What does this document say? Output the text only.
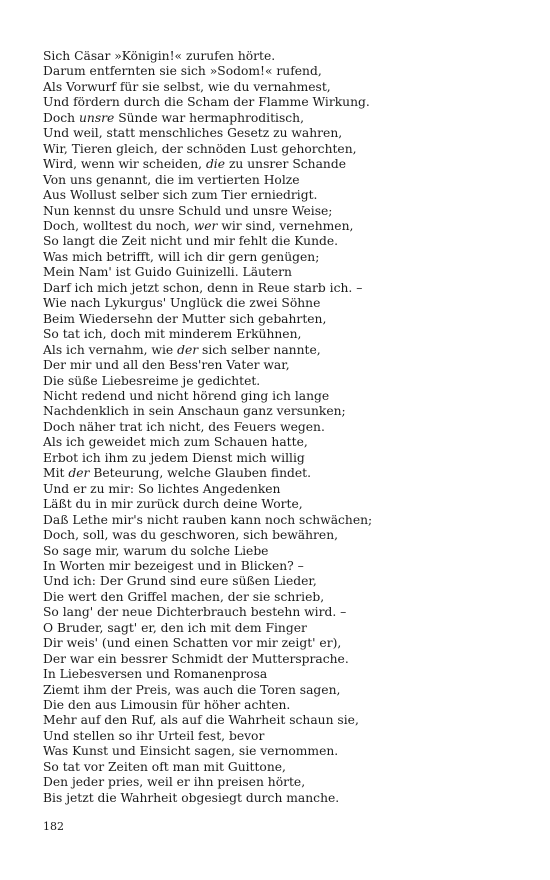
Sich Cäsar »Königin!« zurufen hörte.
Darum entfernten sie sich »Sodom!« rufend,
Als Vorwurf für sie selbst, wie du vernahmest,
Und fördern durch die Scham der Flamme Wirkung.
Doch unsre Sünde war hermaphroditisch,
Und weil, statt menschliches Gesetz zu wahren,
Wir, Tieren gleich, der schnöden Lust gehorchten,
Wird, wenn wir scheiden, die zu unsrer Schande
Von uns genannt, die im vertierten Holze
Aus Wollust selber sich zum Tier erniedrigt.
Nun kennst du unsre Schuld und unsre Weise;
Doch, wolltest du noch, wer wir sind, vernehmen,
So langt die Zeit nicht und mir fehlt die Kunde.
Was mich betrifft, will ich dir gern genügen;
Mein Nam' ist Guido Guinizelli. Läutern
Darf ich mich jetzt schon, denn in Reue starb ich. –
Wie nach Lykurgus' Unglück die zwei Söhne
Beim Wiedersehn der Mutter sich gebahrten,
So tat ich, doch mit minderem Erkühnen,
Als ich vernahm, wie der sich selber nannte,
Der mir und all den Bess'ren Vater war,
Die süße Liebesreime je gedichtet.
Nicht redend und nicht hörend ging ich lange
Nachdenklich in sein Anschaun ganz versunken;
Doch näher trat ich nicht, des Feuers wegen.
Als ich geweidet mich zum Schauen hatte,
Erbot ich ihm zu jedem Dienst mich willig
Mit der Beteurung, welche Glauben findet.
Und er zu mir: So lichtes Angedenken
Läßt du in mir zurück durch deine Worte,
Daß Lethe mir's nicht rauben kann noch schwächen;
Doch, soll, was du geschworen, sich bewähren,
So sage mir, warum du solche Liebe
In Worten mir bezeigest und in Blicken? –
Und ich: Der Grund sind eure süßen Lieder,
Die wert den Griffel machen, der sie schrieb,
So lang' der neue Dichterbrauch bestehn wird. –
O Bruder, sagt' er, den ich mit dem Finger
Dir weis' (und einen Schatten vor mir zeigt' er),
Der war ein bessrer Schmidt der Muttersprache.
In Liebesversen und Romanenprosa
Ziemt ihm der Preis, was auch die Toren sagen,
Die den aus Limousin für höher achten.
Mehr auf den Ruf, als auf die Wahrheit schaun sie,
Und stellen so ihr Urteil fest, bevor
Was Kunst und Einsicht sagen, sie vernommen.
So tat vor Zeiten oft man mit Guittone,
Den jeder pries, weil er ihn preisen hörte,
Bis jetzt die Wahrheit obgesiegt durch manche.
182
